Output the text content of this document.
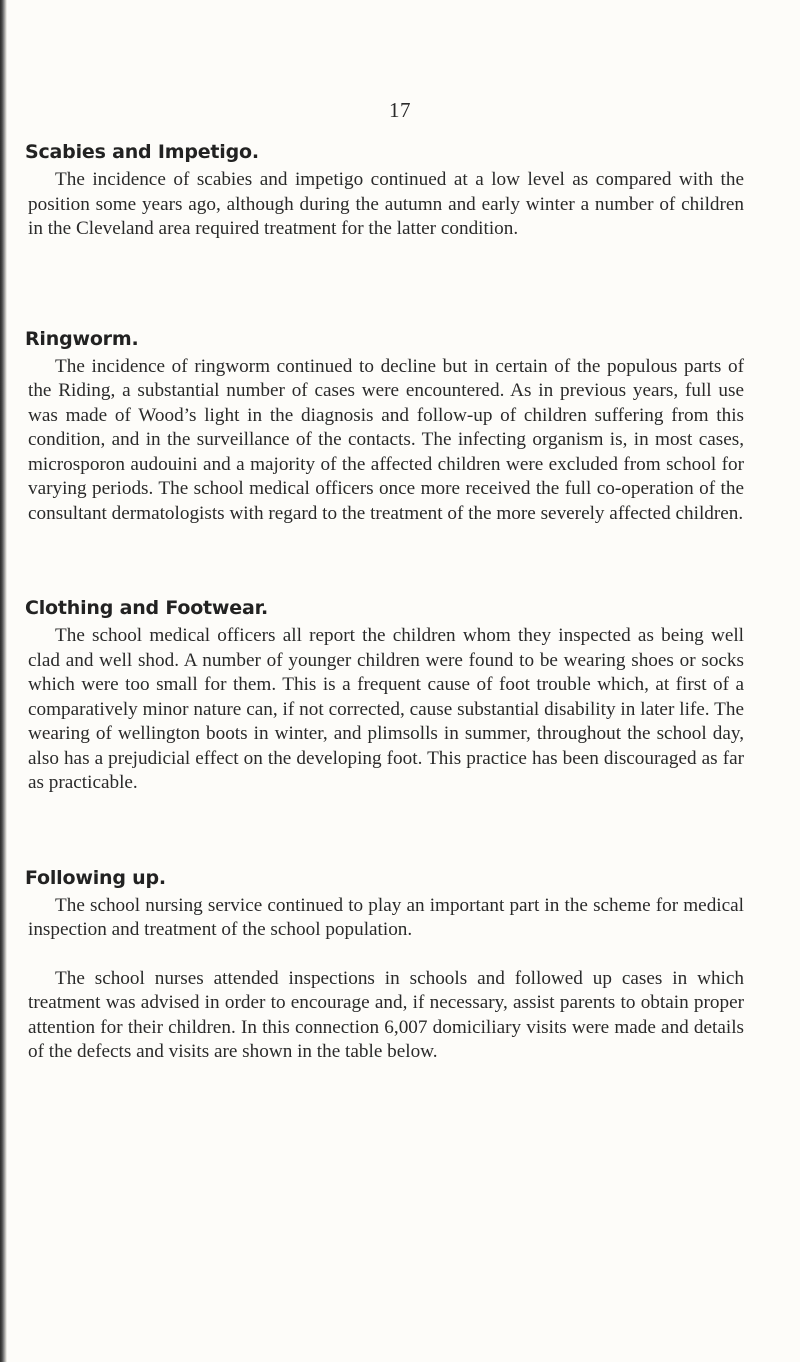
17
Scabies and Impetigo.

The incidence of scabies and impetigo continued at a low level as compared with the position some years ago, although during the autumn and early winter a number of children in the Cleveland area required treatment for the latter condition.

Ringworm.

The incidence of ringworm continued to decline but in certain of the populous parts of the Riding, a substantial number of cases were encountered. As in previous years, full use was made of Wood’s light in the diagnosis and follow-up of children suffering from this condition, and in the surveillance of the contacts. The infecting organism is, in most cases, microsporon audouini and a majority of the affected children were excluded from school for varying periods. The school medical officers once more received the full co-operation of the consultant dermatologists with regard to the treatment of the more severely affected children.

Clothing and Footwear.

The school medical officers all report the children whom they inspected as being well clad and well shod. A number of younger children were found to be wearing shoes or socks which were too small for them. This is a frequent cause of foot trouble which, at first of a comparatively minor nature can, if not corrected, cause substantial disability in later life. The wearing of wellington boots in winter, and plimsolls in summer, throughout the school day, also has a prejudicial effect on the developing foot. This practice has been discouraged as far as practicable.

Following up.

The school nursing service continued to play an important part in the scheme for medical inspection and treatment of the school population.

The school nurses attended inspections in schools and followed up cases in which treatment was advised in order to encourage and, if necessary, assist parents to obtain proper attention for their children. In this connection 6,007 domiciliary visits were made and details of the defects and visits are shown in the table below.
